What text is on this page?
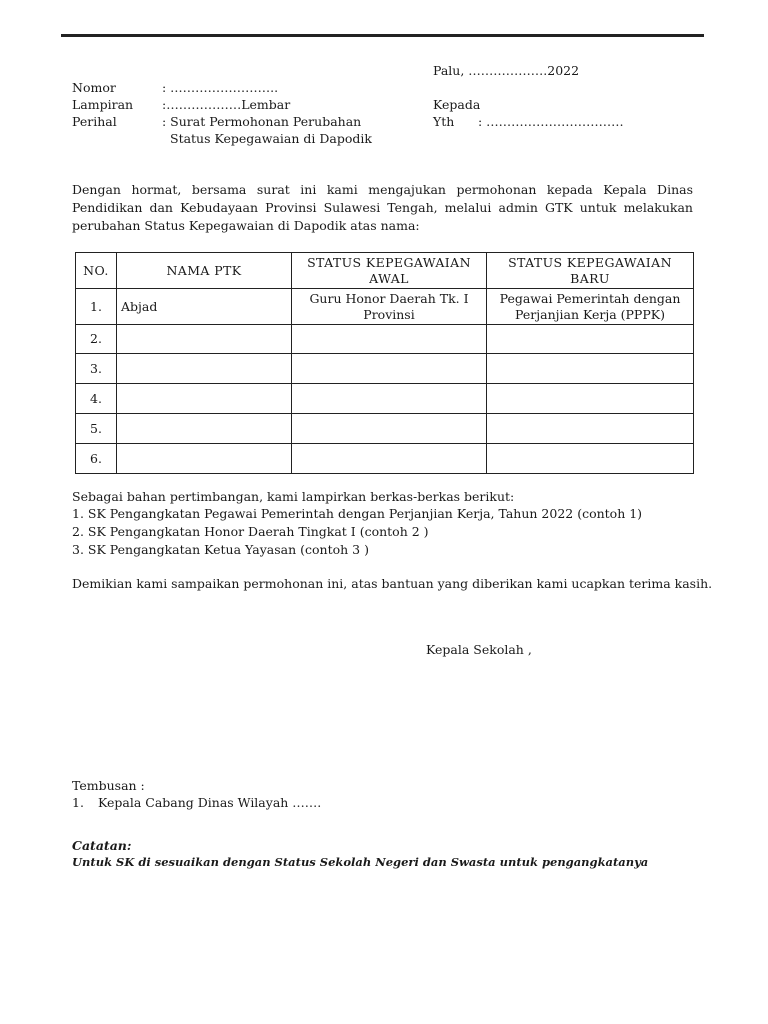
Palu, ……………….2022
Nomor	: ……………………..
Lampiran :………………Lembar	Kepada
Perihal	: Surat Permohonan Perubahan	Yth : ……………………………
Status Kepegawaian di Dapodik
Dengan hormat, bersama surat ini kami mengajukan permohonan kepada Kepala Dinas Pendidikan dan Kebudayaan Provinsi Sulawesi Tengah, melalui admin GTK untuk melakukan perubahan Status Kepegawaian di Dapodik atas nama:
NO.	NAMA PTK	STATUS KEPEGAWAIAN AWAL	STATUS KEPEGAWAIAN BARU
1.	Abjad	Guru Honor Daerah Tk. I Provinsi	Pegawai Pemerintah dengan Perjanjian Kerja (PPPK)
2.			
3.			
4.			
5.			
6.			
Sebagai bahan pertimbangan, kami lampirkan berkas-berkas berikut:
1. SK Pengangkatan Pegawai Pemerintah dengan Perjanjian Kerja, Tahun 2022 (contoh 1)
2. SK Pengangkatan Honor Daerah Tingkat I (contoh 2 )
3. SK Pengangkatan Ketua Yayasan (contoh 3 )
Demikian kami sampaikan permohonan ini, atas bantuan yang diberikan kami ucapkan terima kasih.
Kepala Sekolah ,
Tembusan :
1. Kepala Cabang Dinas Wilayah …….
Catatan:
Untuk SK di sesuaikan dengan Status Sekolah Negeri dan Swasta untuk pengangkatanya
